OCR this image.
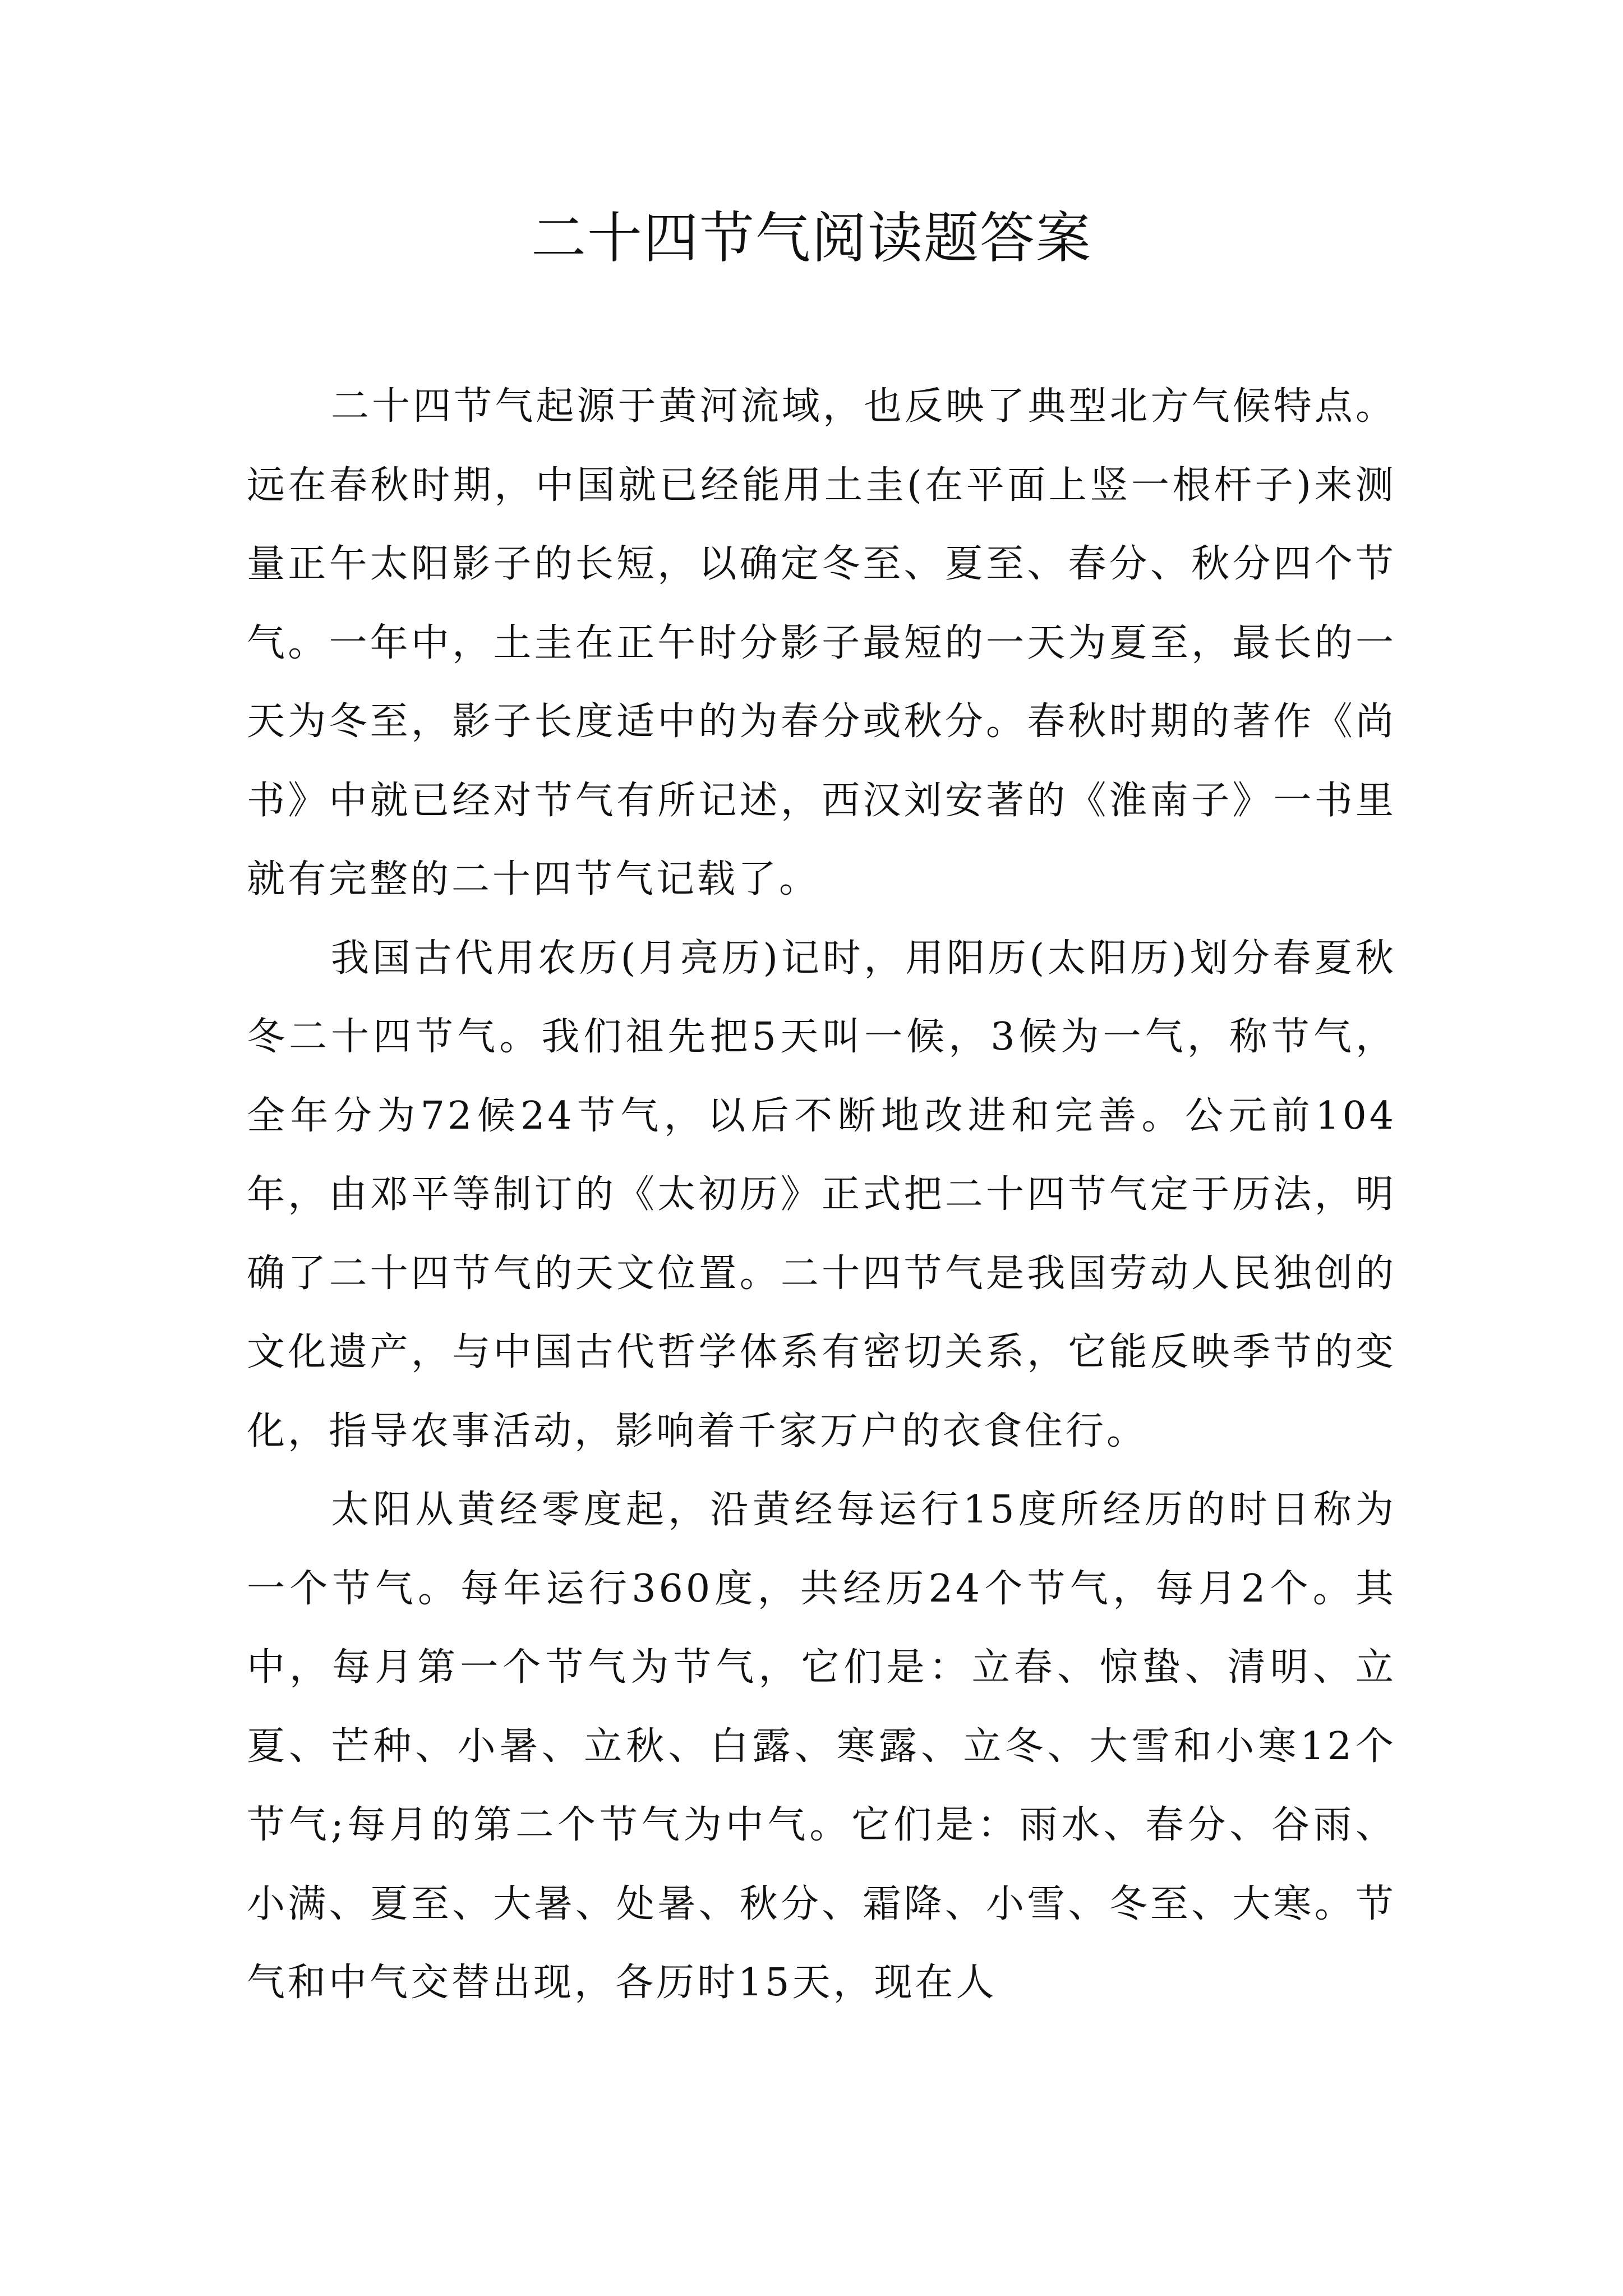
二十四节气阅读题答案

二十四节气起源于黄河流域，也反映了典型北方气候特点。远在春秋时期，中国就已经能用土圭(在平面上竖一根杆子)来测量正午太阳影子的长短，以确定冬至、夏至、春分、秋分四个节气。一年中，土圭在正午时分影子最短的一天为夏至，最长的一天为冬至，影子长度适中的为春分或秋分。春秋时期的著作《尚书》中就已经对节气有所记述，西汉刘安著的《淮南子》一书里就有完整的二十四节气记载了。

我国古代用农历(月亮历)记时，用阳历(太阳历)划分春夏秋冬二十四节气。我们祖先把5天叫一候，3候为一气，称节气，全年分为72候24节气，以后不断地改进和完善。公元前104年，由邓平等制订的《太初历》正式把二十四节气定于历法，明确了二十四节气的天文位置。二十四节气是我国劳动人民独创的文化遗产，与中国古代哲学体系有密切关系，它能反映季节的变化，指导农事活动，影响着千家万户的衣食住行。

太阳从黄经零度起，沿黄经每运行15度所经历的时日称为一个节气。每年运行360度，共经历24个节气，每月2个。其中，每月第一个节气为节气，它们是：立春、惊蛰、清明、立夏、芒种、小暑、立秋、白露、寒露、立冬、大雪和小寒12个节气;每月的第二个节气为中气。它们是：雨水、春分、谷雨、小满、夏至、大暑、处暑、秋分、霜降、小雪、冬至、大寒。节气和中气交替出现，各历时15天，现在人
